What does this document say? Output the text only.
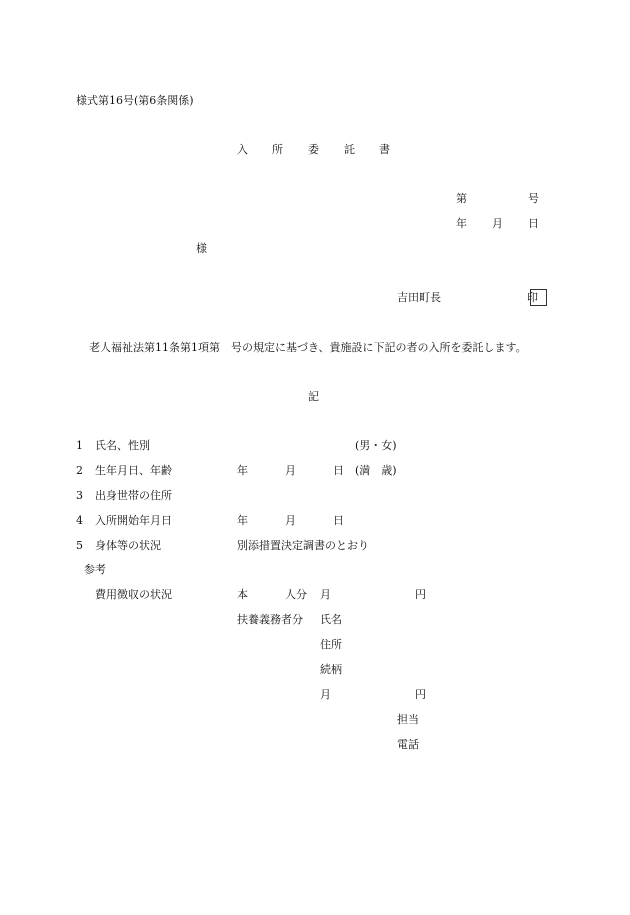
様式第16号(第6条関係)
入 所 委 託 書
第	号
年 月 日
様
吉田町長	印
老人福祉法第11条第1項第　号の規定に基づき、貴施設に下記の者の入所を委託します。
記
1 氏名、性別	(男・女)
2 生年月日、年齢	年	月	日 (満　歳)
3 出身世帯の住所
4 入所開始年月日	年	月	日
5 身体等の状況	別添措置決定調書のとおり
参考
費用徴収の状況	本	人分 月	円
扶養義務者分 氏名
住所
続柄
月	円
担当
電話
